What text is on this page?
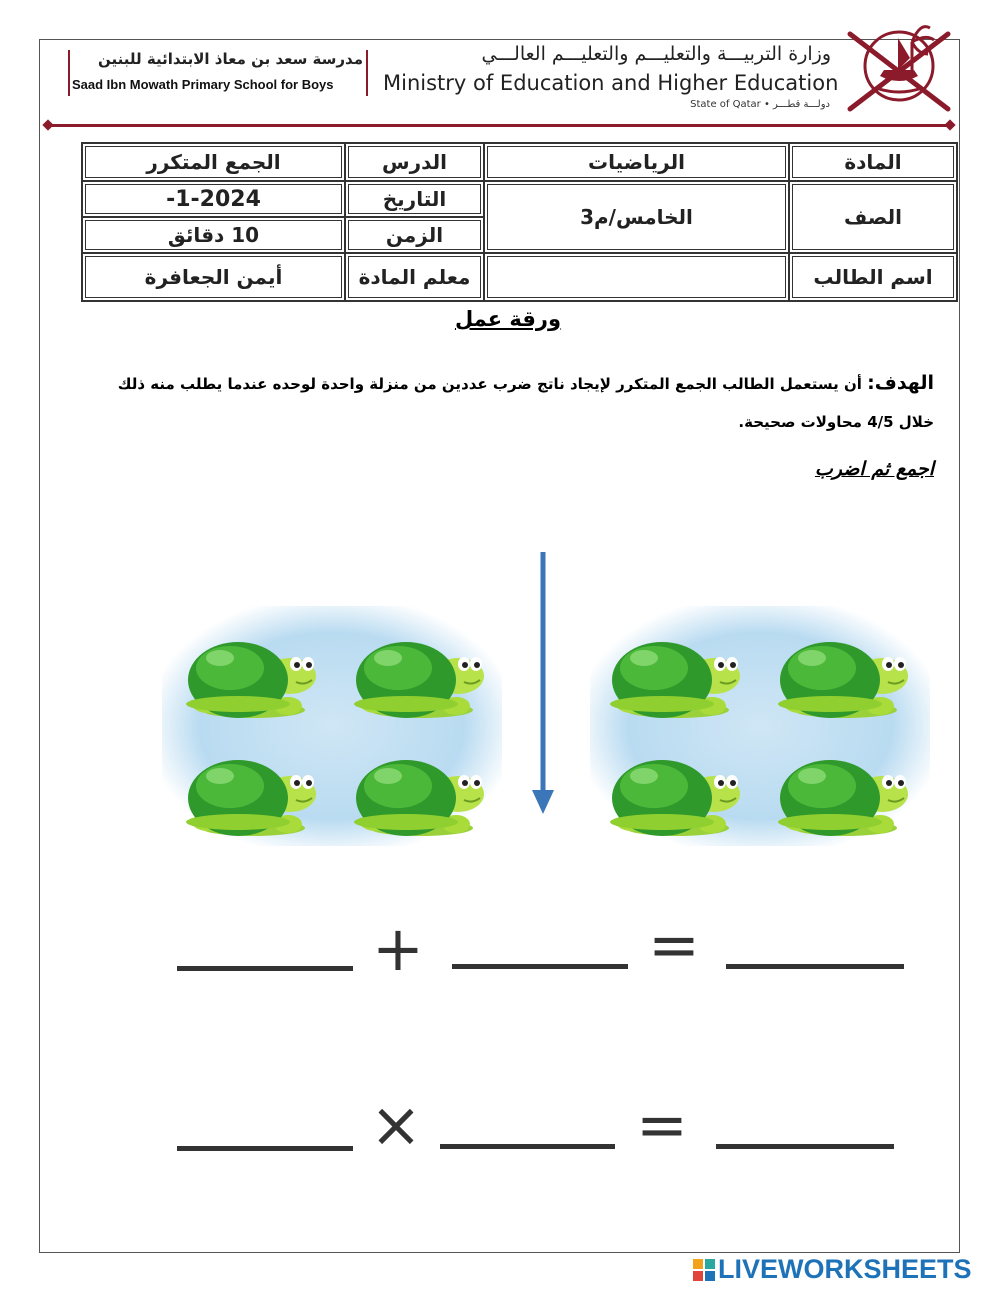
مدرسة سعد بن معاذ الابتدائية للبنين
Saad Ibn Mowath Primary School for Boys
وزارة التربيـــة والتعليـــم والتعليـــم العالـــي
Ministry of Education and Higher Education
State of Qatar • دولـــة قطـــر
المادة	الرياضيات	الدرس	الجمع المتكرر
الصف	الخامس/م3	التاريخ	-1-2024
		الزمن	10 دقائق
اسم الطالب		معلم المادة	أيمن الجعافرة
ورقة عمل
الهدف: أن يستعمل الطالب الجمع المتكرر لإيجاد ناتج ضرب عددين من منزلة واحدة لوحده عندما يطلب منه ذلك خلال 4/5 محاولات صحيحة.
اجمع ثم اضرب
+	=
×	=
LIVEWORKSHEETS
